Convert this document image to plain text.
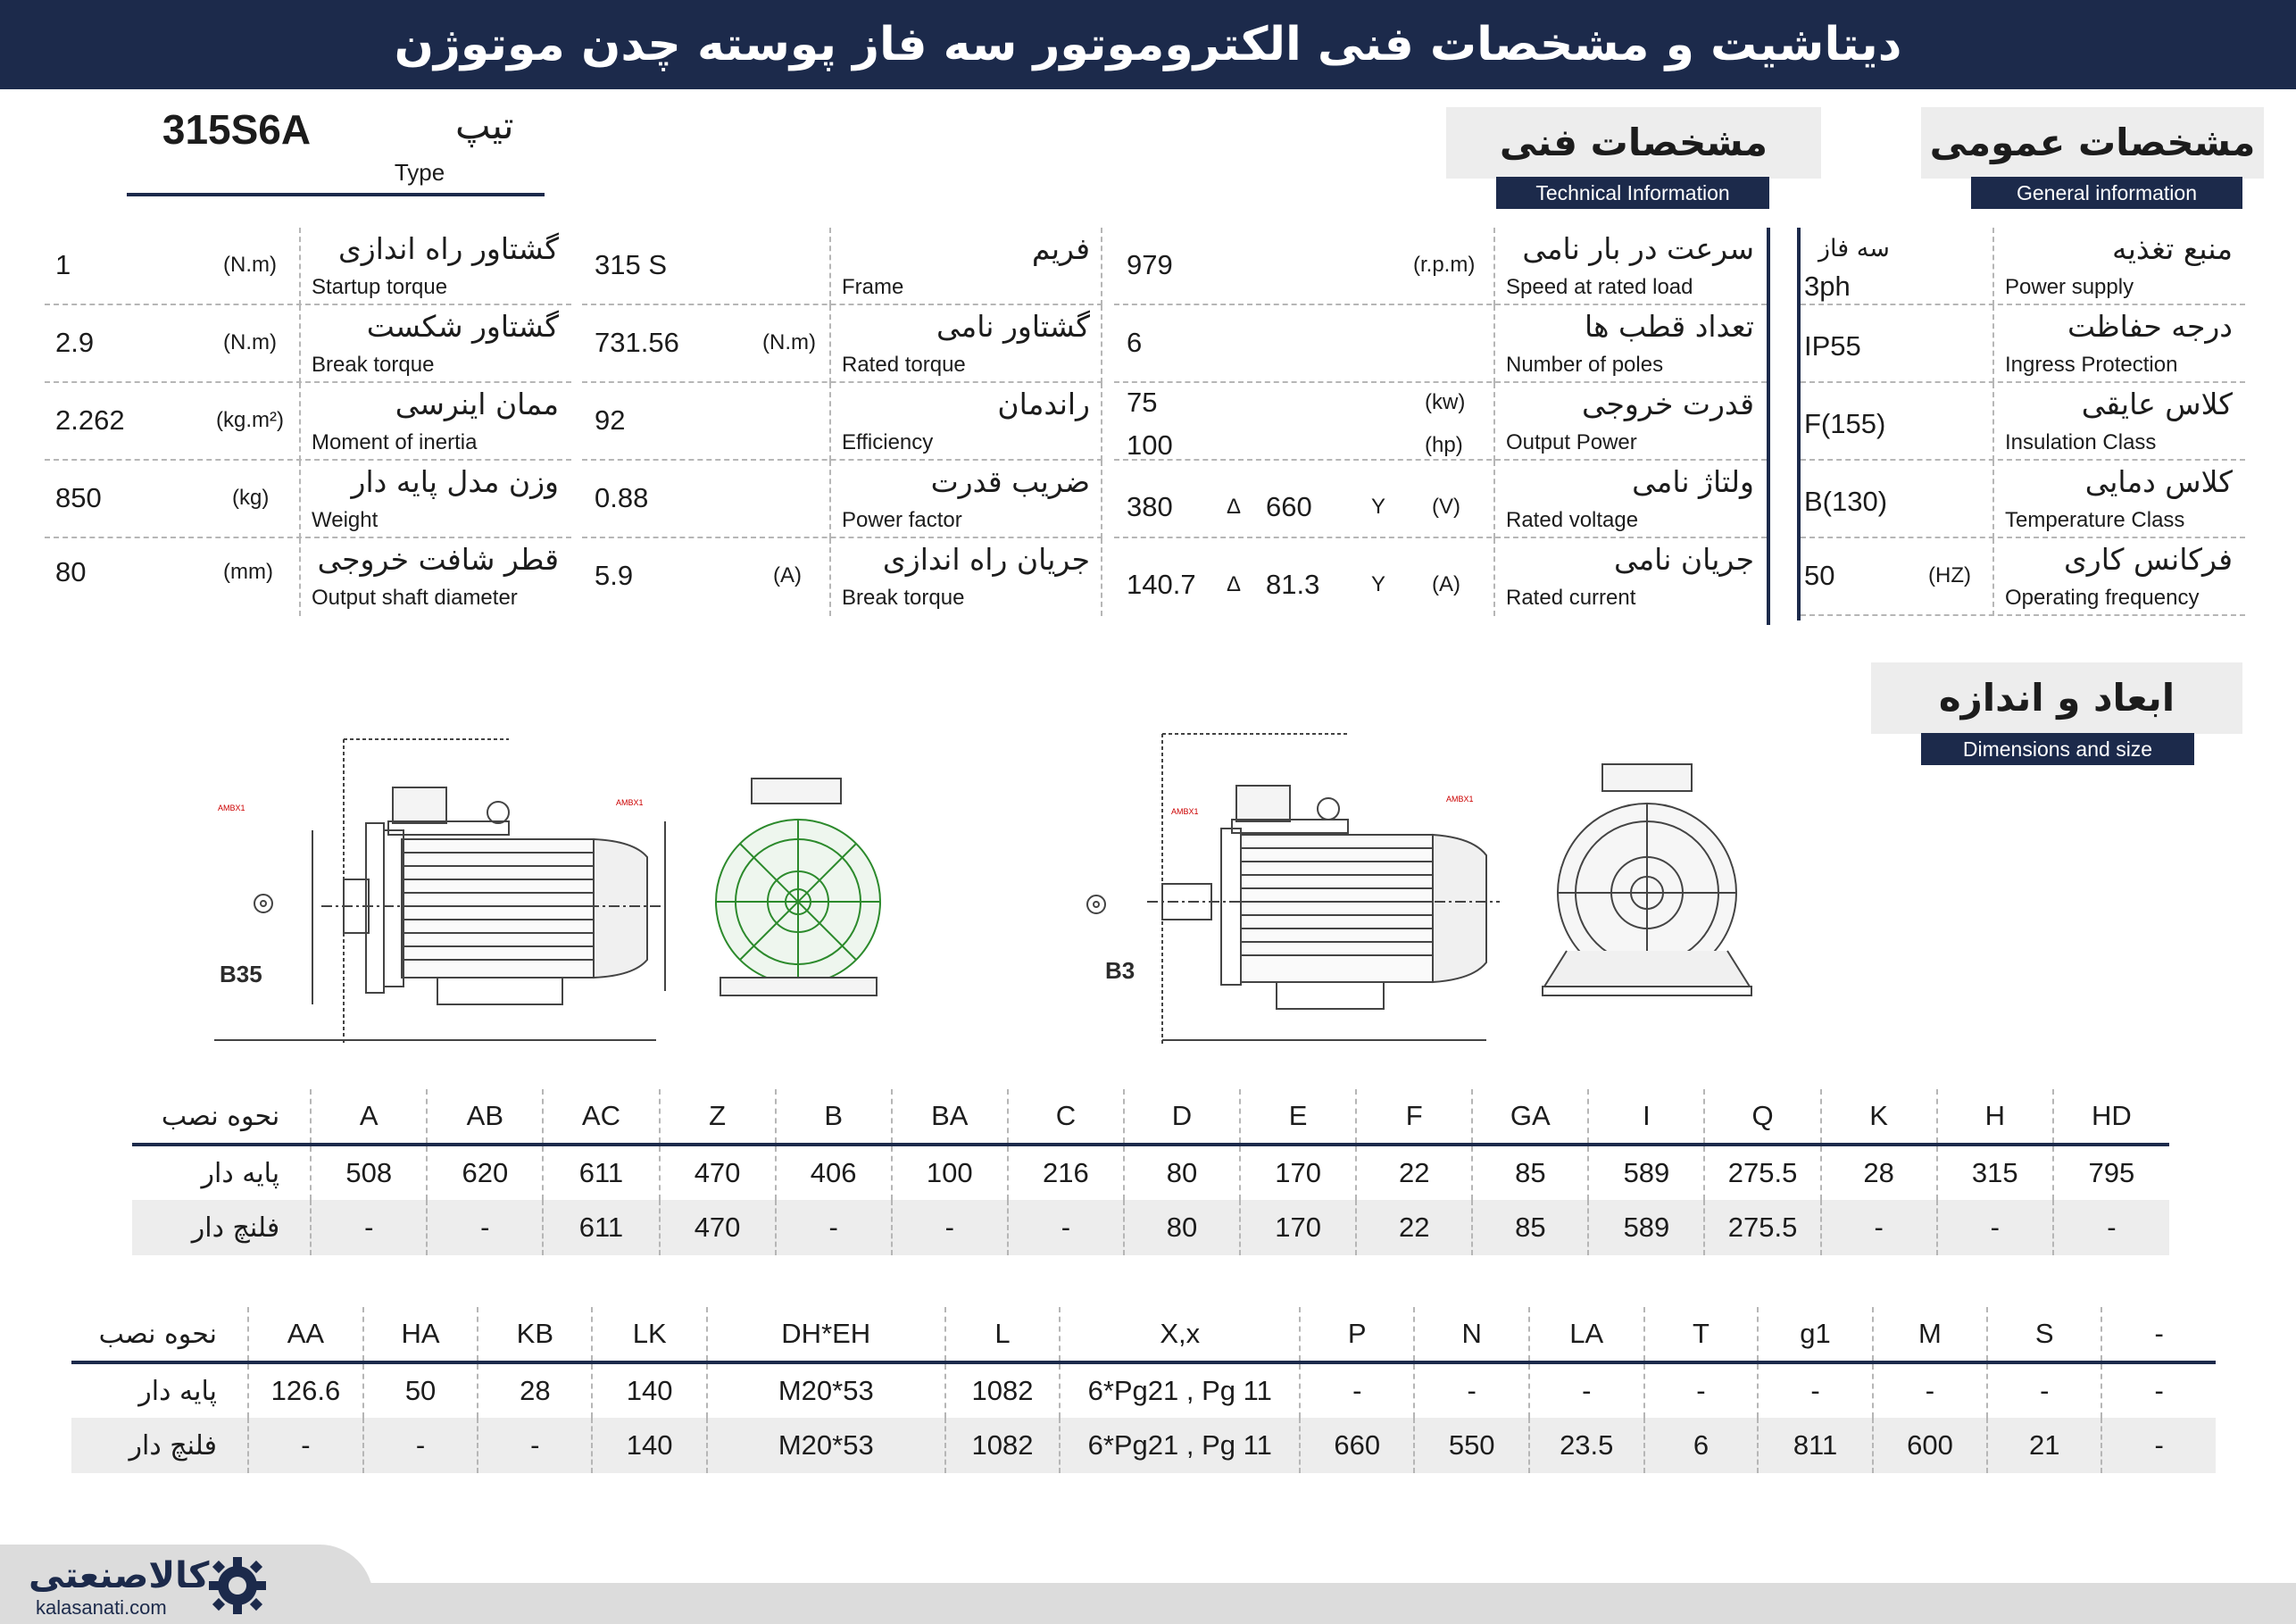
دیتاشیت و مشخصات فنی الکتروموتور سه فاز پوسته چدن موتوژن
315S6A	تیپ
Type
مشخصات عمومی
General information
مشخصات فنی
Technical Information
ابعاد و اندازه
Dimensions and size
منبع تغذیه
Power supply
سه فاز
3ph
درجه حفاظت
Ingress Protection
IP55
کلاس عایقی
Insulation Class
F(155)
کلاس دمایی
Temperature Class
B(130)
فرکانس کاری
Operating frequency
50	(HZ)
سرعت در بار نامی
Speed at rated load
979	(r.p.m)
تعداد قطب ها
Number of poles
6
قدرت خروجی
Output Power
75	(kw)
100	(hp)
ولتاژ نامی
Rated voltage
380	Δ 660	Y (V)
جریان نامی
Rated current
140.7 Δ 81.3 Y (A)
فریم
Frame
315 S
گشتاور نامی
Rated torque
731.56	(N.m)
راندمان
Efficiency
92
ضریب قدرت
Power factor
0.88
جریان راه اندازی
Break torque
5.9	(A)
گشتاور راه اندازی
Startup torque
1	(N.m)
گشتاور شکست
Break torque
2.9	(N.m)
ممان اینرسی
Moment of inertia
2.262	(kg.m²)
وزن مدل پایه دار
Weight
850	(kg)
قطر شافت خروجی
Output shaft diameter
80	(mm)
AMBX1
AMBX1
B35
AMBX1
AMBX1
B3
نحوه نصب	A	AB	AC	Z	B	BA	C	D	E	F	GA	I	Q	K	H	HD
پایه دار	508	620	611	470	406	100	216	80	170	22	85	589	275.5	28	315	795
فلنچ دار	-	-	611	470	-	-	-	80	170	22	85	589	275.5	-	-	-
نحوه نصب	AA	HA	KB	LK	DH*EH	L	X,x	P	N	LA	T	g1	M	S	-
پایه دار	126.6	50	28	140	M20*53	1082	6*Pg21 , Pg 11	-	-	-	-	-	-	-	-
فلنچ دار	-	-	-	140	M20*53	1082	6*Pg21 , Pg 11	660	550	23.5	6	811	600	21	-
کالاصنعتی
kalasanati.com
